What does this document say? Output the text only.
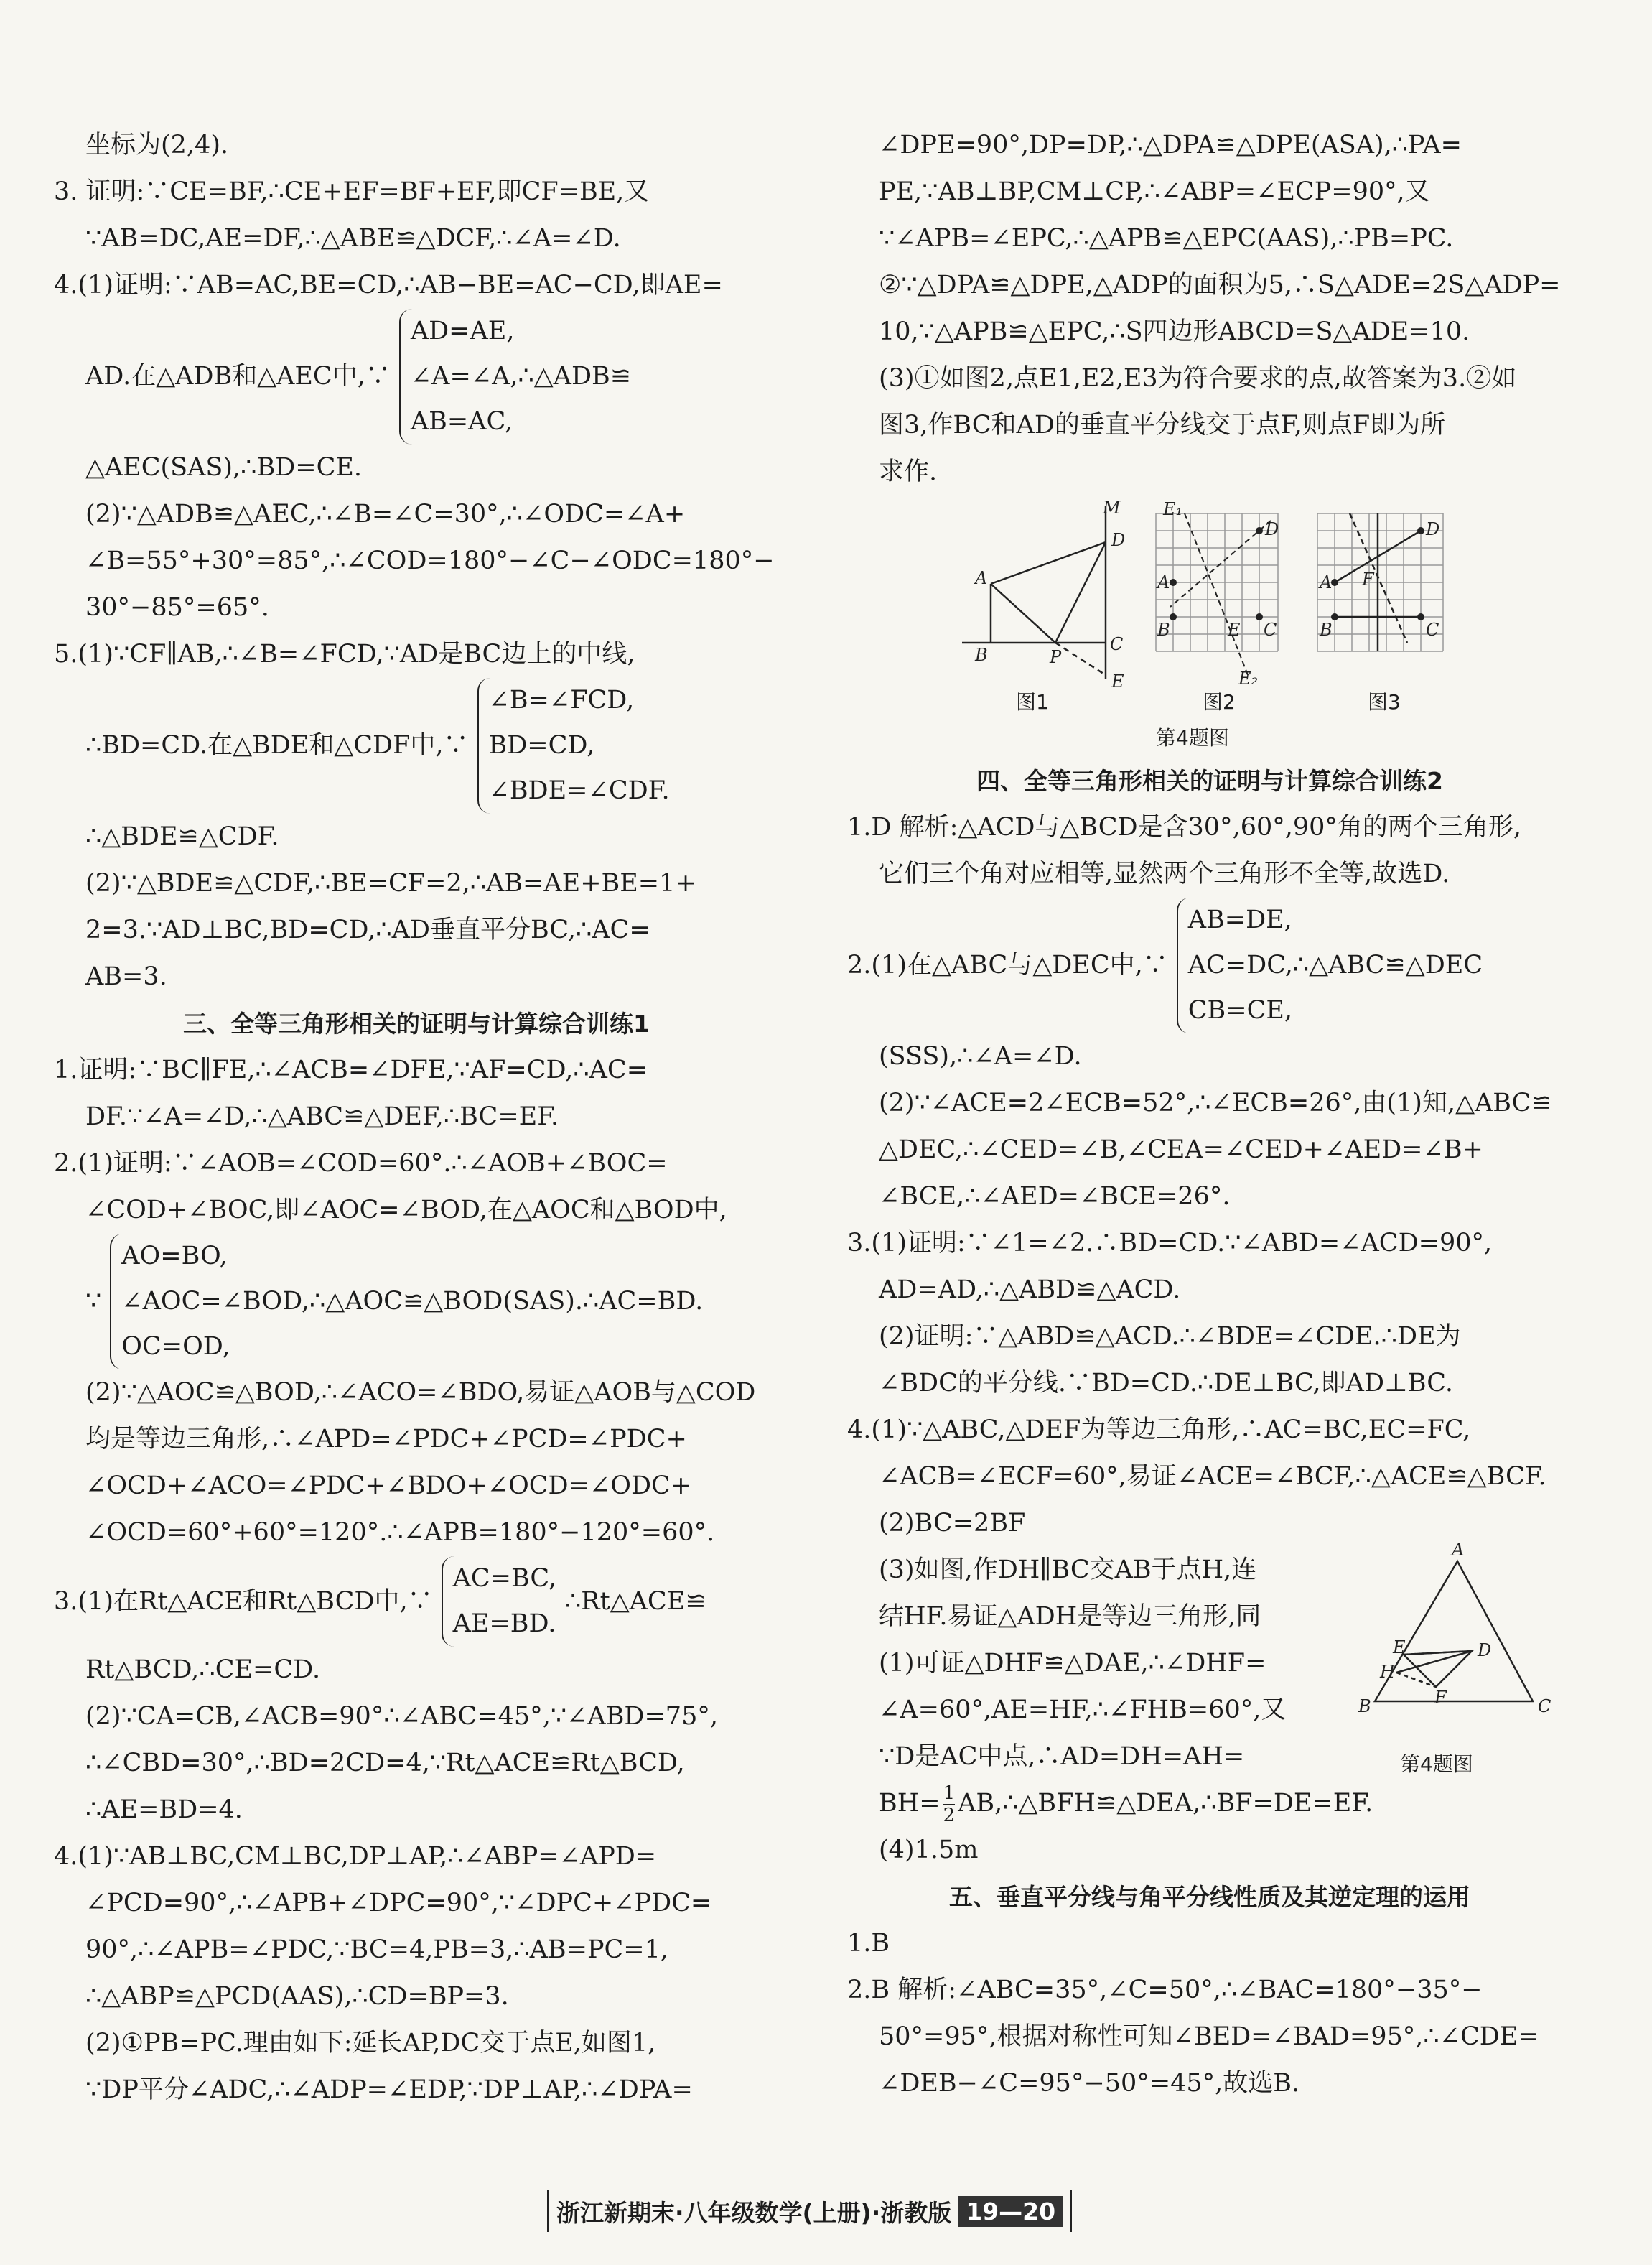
坐标为(2,4).
3. 证明:∵CE=BF,∴CE+EF=BF+EF,即CF=BE,又
∵AB=DC,AE=DF,∴△ABE≌△DCF,∴∠A=∠D.
4.(1)证明:∵AB=AC,BE=CD,∴AB−BE=AC−CD,即AE=
AD.在△ADB和△AEC中,∵
AD=AE,
∠A=∠A,∴△ADB≌
AB=AC,
△AEC(SAS),∴BD=CE.
(2)∵△ADB≌△AEC,∴∠B=∠C=30°,∴∠ODC=∠A+
∠B=55°+30°=85°,∴∠COD=180°−∠C−∠ODC=180°−
30°−85°=65°.
5.(1)∵CF∥AB,∴∠B=∠FCD,∵AD是BC边上的中线,
∴BD=CD.在△BDE和△CDF中,∵
∠B=∠FCD,
BD=CD,
∠BDE=∠CDF.
∴△BDE≌△CDF.
(2)∵△BDE≌△CDF,∴BE=CF=2,∴AB=AE+BE=1+
2=3.∵AD⊥BC,BD=CD,∴AD垂直平分BC,∴AC=
AB=3.
三、全等三角形相关的证明与计算综合训练1
1.证明:∵BC∥FE,∴∠ACB=∠DFE,∵AF=CD,∴AC=
DF.∵∠A=∠D,∴△ABC≌△DEF,∴BC=EF.
2.(1)证明:∵∠AOB=∠COD=60°.∴∠AOB+∠BOC=
∠COD+∠BOC,即∠AOC=∠BOD,在△AOC和△BOD中,
∵
AO=BO,
∠AOC=∠BOD,∴△AOC≌△BOD(SAS).∴AC=BD.
OC=OD,
(2)∵△AOC≌△BOD,∴∠ACO=∠BDO,易证△AOB与△COD
均是等边三角形,∴∠APD=∠PDC+∠PCD=∠PDC+
∠OCD+∠ACO=∠PDC+∠BDO+∠OCD=∠ODC+
∠OCD=60°+60°=120°.∴∠APB=180°−120°=60°.
3.(1)在Rt△ACE和Rt△BCD中,∵
AC=BC,
AE=BD.
∴Rt△ACE≌
Rt△BCD,∴CE=CD.
(2)∵CA=CB,∠ACB=90°∴∠ABC=45°,∵∠ABD=75°,
∴∠CBD=30°,∴BD=2CD=4,∵Rt△ACE≌Rt△BCD,
∴AE=BD=4.
4.(1)∵AB⊥BC,CM⊥BC,DP⊥AP,∴∠ABP=∠APD=
∠PCD=90°,∴∠APB+∠DPC=90°,∵∠DPC+∠PDC=
90°,∴∠APB=∠PDC,∵BC=4,PB=3,∴AB=PC=1,
∴△ABP≌△PCD(AAS),∴CD=BP=3.
(2)①PB=PC.理由如下:延长AP,DC交于点E,如图1,
∵DP平分∠ADC,∴∠ADP=∠EDP,∵DP⊥AP,∴∠DPA=
∠DPE=90°,DP=DP,∴△DPA≌△DPE(ASA),∴PA=
PE,∵AB⊥BP,CM⊥CP,∴∠ABP=∠ECP=90°,又
∵∠APB=∠EPC,∴△APB≌△EPC(AAS),∴PB=PC.
②∵△DPA≌△DPE,△ADP的面积为5,∴S△ADE=2S△ADP=
10,∵△APB≌△EPC,∴S四边形ABCD=S△ADE=10.
(3)①如图2,点E1,E2,E3为符合要求的点,故答案为3.②如
图3,作BC和AD的垂直平分线交于点F,则点F即为所
求作.
M
D
A
B	P
C
E
A
B
D
C
E₁
E
E₂
A
B
D
C
F
图1	图2	图3
第4题图
四、全等三角形相关的证明与计算综合训练2
1.D 解析:△ACD与△BCD是含30°,60°,90°角的两个三角形,
它们三个角对应相等,显然两个三角形不全等,故选D.
2.(1)在△ABC与△DEC中,∵
AB=DE,
AC=DC,∴△ABC≌△DEC
CB=CE,
(SSS),∴∠A=∠D.
(2)∵∠ACE=2∠ECB=52°,∴∠ECB=26°,由(1)知,△ABC≌
△DEC,∴∠CED=∠B,∠CEA=∠CED+∠AED=∠B+
∠BCE,∴∠AED=∠BCE=26°.
3.(1)证明:∵∠1=∠2.∴BD=CD.∵∠ABD=∠ACD=90°,
AD=AD,∴△ABD≌△ACD.
(2)证明:∵△ABD≌△ACD.∴∠BDE=∠CDE.∴DE为
∠BDC的平分线.∵BD=CD.∴DE⊥BC,即AD⊥BC.
4.(1)∵△ABC,△DEF为等边三角形,∴AC=BC,EC=FC,
∠ACB=∠ECF=60°,易证∠ACE=∠BCF,∴△ACE≌△BCF.
(2)BC=2BF
(3)如图,作DH∥BC交AB于点H,连
结HF.易证△ADH是等边三角形,同
(1)可证△DHF≌△DAE,∴∠DHF=
∠A=60°,AE=HF,∴∠FHB=60°,又
∵D是AC中点,∴AD=DH=AH=
A
E
H
D
F
B	C
第4题图
$BH= \frac{1}{2}$ AB,∴△BFH≌△DEA,∴BF=DE=EF.
(4)1.5m
五、垂直平分线与角平分线性质及其逆定理的运用
1.B
2.B 解析:∠ABC=35°,∠C=50°,∴∠BAC=180°−35°−
50°=95°,根据对称性可知∠BED=∠BAD=95°,∴∠CDE=
∠DEB−∠C=95°−50°=45°,故选B.
浙江新期末·八年级数学(上册)·浙教版 19—20
